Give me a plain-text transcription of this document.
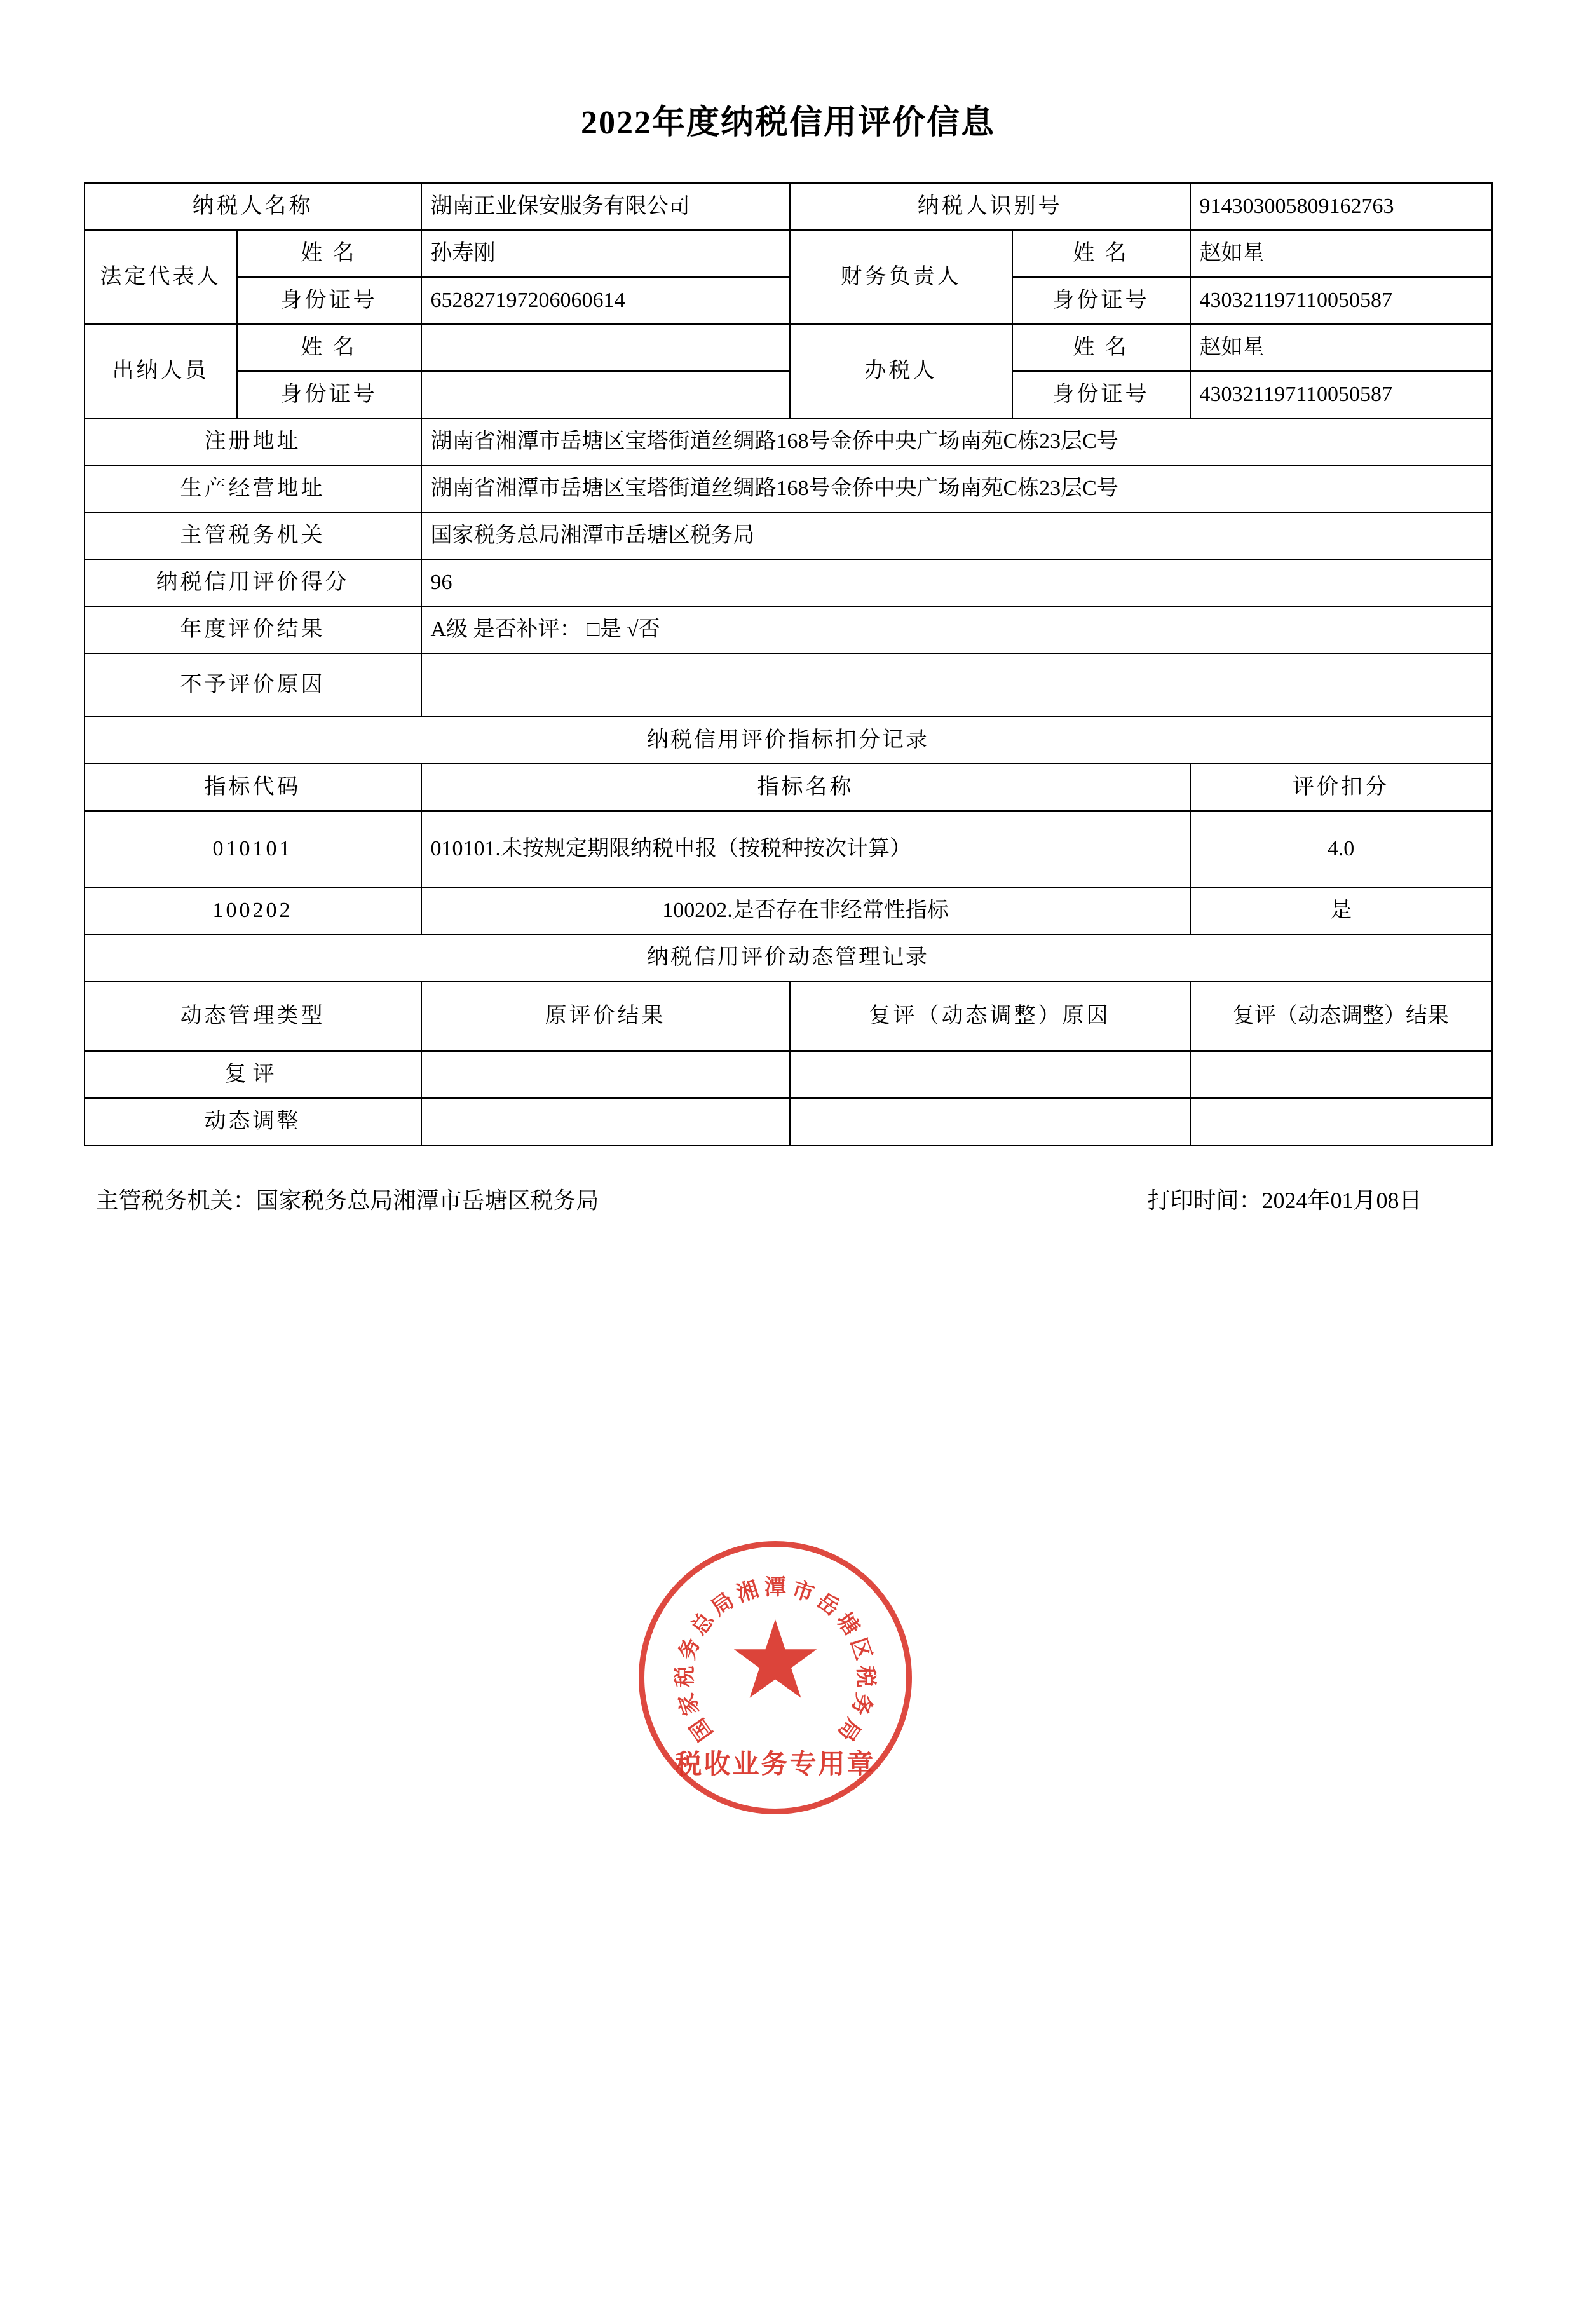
2022年度纳税信用评价信息
纳税人名称		湖南正业保安服务有限公司	纳税人识别号		914303005809162763
法定代表人	姓 名	孙寿刚	财务负责人	姓 名	赵如星
	身份证号	652827197206060614		身份证号	430321197110050587
出纳人员	姓 名		办税人	姓 名	赵如星
	身份证号			身份证号	430321197110050587
注册地址		湖南省湘潭市岳塘区宝塔街道丝绸路168号金侨中央广场南苑C栋23层C号			
生产经营地址		湖南省湘潭市岳塘区宝塔街道丝绸路168号金侨中央广场南苑C栋23层C号			
主管税务机关		国家税务总局湘潭市岳塘区税务局			
纳税信用评价得分		96			
年度评价结果		A级 是否补评： □是 √否			
不予评价原因					
纳税信用评价指标扣分记录					
指标代码		指标名称			评价扣分
010101		010101.未按规定期限纳税申报（按税种按次计算）			4.0
100202		100202.是否存在非经常性指标			是
纳税信用评价动态管理记录					
动态管理类型		原评价结果	复评（动态调整）原因		复评（动态调整）结果
复评					
动态调整					
主管税务机关：国家税务总局湘潭市岳塘区税务局	打印时间：2024年01月08日
国
家
税
务
总
局
湘 潭 市
岳
塘
区
税
务
局
★
税收业务专用章
